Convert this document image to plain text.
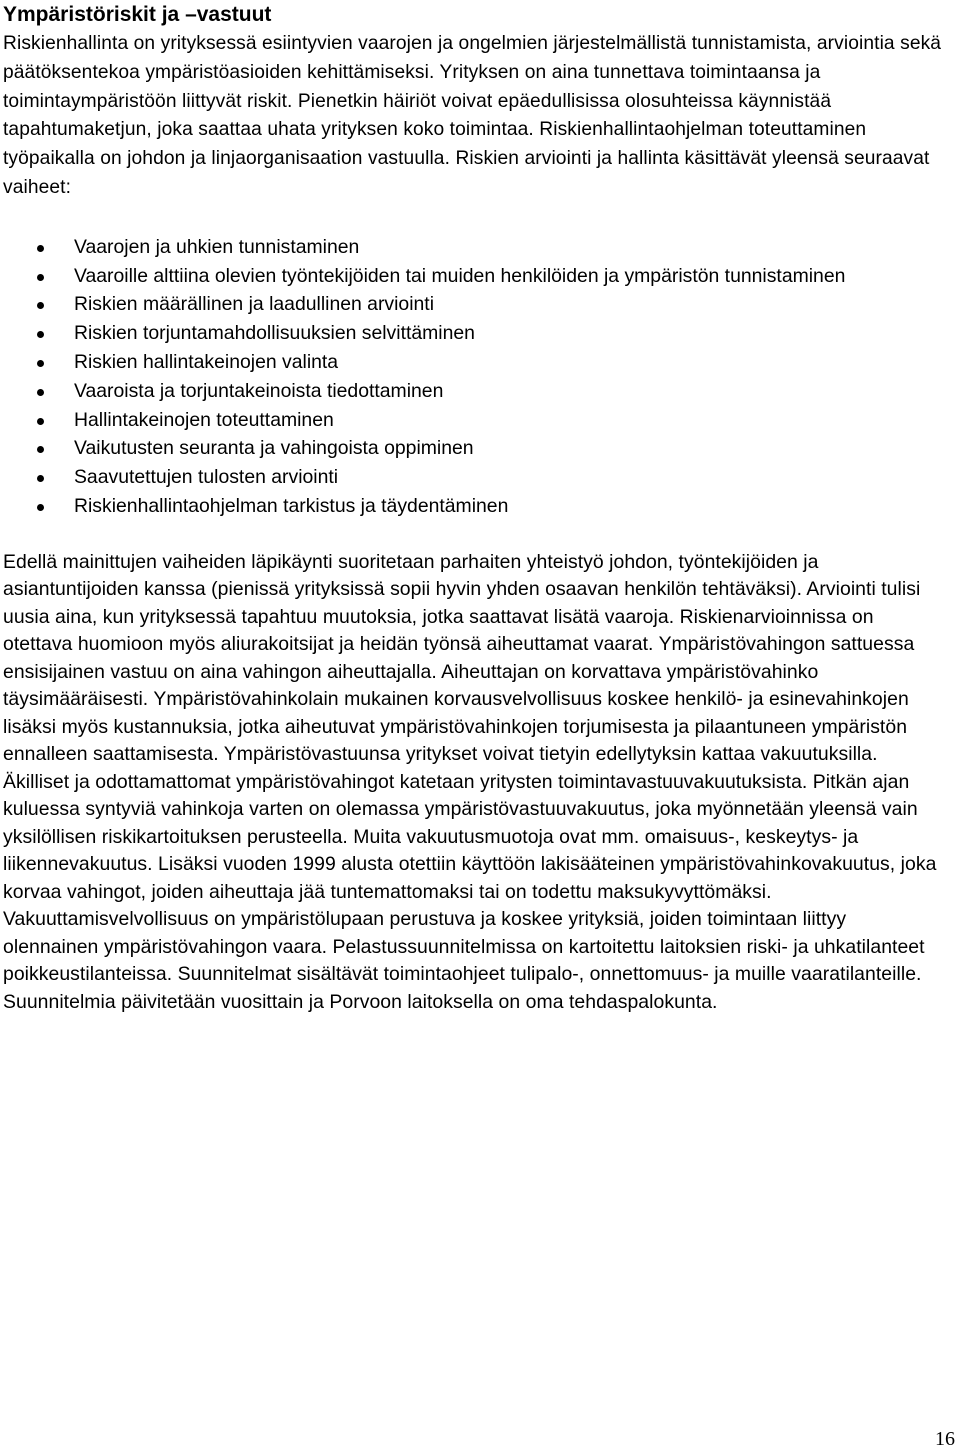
Ympäristöriskit ja –vastuut

Riskienhallinta on yrityksessä esiintyvien vaarojen ja ongelmien järjestelmällistä tunnistamista, arviointia sekä päätöksentekoa ympäristöasioiden kehittämiseksi. Yrityksen on aina tunnettava toimintaansa ja toimintaympäristöön liittyvät riskit. Pienetkin häiriöt voivat epäedullisissa olosuhteissa käynnistää tapahtumaketjun, joka saattaa uhata yrityksen koko toimintaa. Riskienhallintaohjelman toteuttaminen työpaikalla on johdon ja linjaorganisaation vastuulla. Riskien arviointi ja hallinta käsittävät yleensä seuraavat vaiheet:

Vaarojen ja uhkien tunnistaminen
Vaaroille alttiina olevien työntekijöiden tai muiden henkilöiden ja ympäristön tunnistaminen
Riskien määrällinen ja laadullinen arviointi
Riskien torjuntamahdollisuuksien selvittäminen
Riskien hallintakeinojen valinta
Vaaroista ja torjuntakeinoista tiedottaminen
Hallintakeinojen toteuttaminen
Vaikutusten seuranta ja vahingoista oppiminen
Saavutettujen tulosten arviointi
Riskienhallintaohjelman tarkistus ja täydentäminen

Edellä mainittujen vaiheiden läpikäynti suoritetaan parhaiten yhteistyö johdon, työntekijöiden ja asiantuntijoiden kanssa (pienissä yrityksissä sopii hyvin yhden osaavan henkilön tehtäväksi). Arviointi tulisi uusia aina, kun yrityksessä tapahtuu muutoksia, jotka saattavat lisätä vaaroja. Riskienarvioinnissa on otettava huomioon myös aliurakoitsijat ja heidän työnsä aiheuttamat vaarat. Ympäristövahingon sattuessa ensisijainen vastuu on aina vahingon aiheuttajalla. Aiheuttajan on korvattava ympäristövahinko täysimääräisesti. Ympäristövahinkolain mukainen korvausvelvollisuus koskee henkilö- ja esinevahinkojen lisäksi myös kustannuksia, jotka aiheutuvat ympäristövahinkojen torjumisesta ja pilaantuneen ympäristön ennalleen saattamisesta. Ympäristövastuunsa yritykset voivat tietyin edellytyksin kattaa vakuutuksilla. Äkilliset ja odottamattomat ympäristövahingot katetaan yritysten toimintavastuuvakuutuksista. Pitkän ajan kuluessa syntyviä vahinkoja varten on olemassa ympäristövastuuvakuutus, joka myönnetään yleensä vain yksilöllisen riskikartoituksen perusteella. Muita vakuutusmuotoja ovat mm. omaisuus-, keskeytys- ja liikennevakuutus. Lisäksi vuoden 1999 alusta otettiin käyttöön lakisääteinen ympäristövahinkovakuutus, joka korvaa vahingot, joiden aiheuttaja jää tuntemattomaksi tai on todettu maksukyvyttömäksi. Vakuuttamisvelvollisuus on ympäristölupaan perustuva ja koskee yrityksiä, joiden toimintaan liittyy olennainen ympäristövahingon vaara. Pelastussuunnitelmissa on kartoitettu laitoksien riski- ja uhkatilanteet poikkeustilanteissa. Suunnitelmat sisältävät toimintaohjeet tulipalo-, onnettomuus- ja muille vaaratilanteille. Suunnitelmia päivitetään vuosittain ja Porvoon laitoksella on oma tehdaspalokunta.

16
